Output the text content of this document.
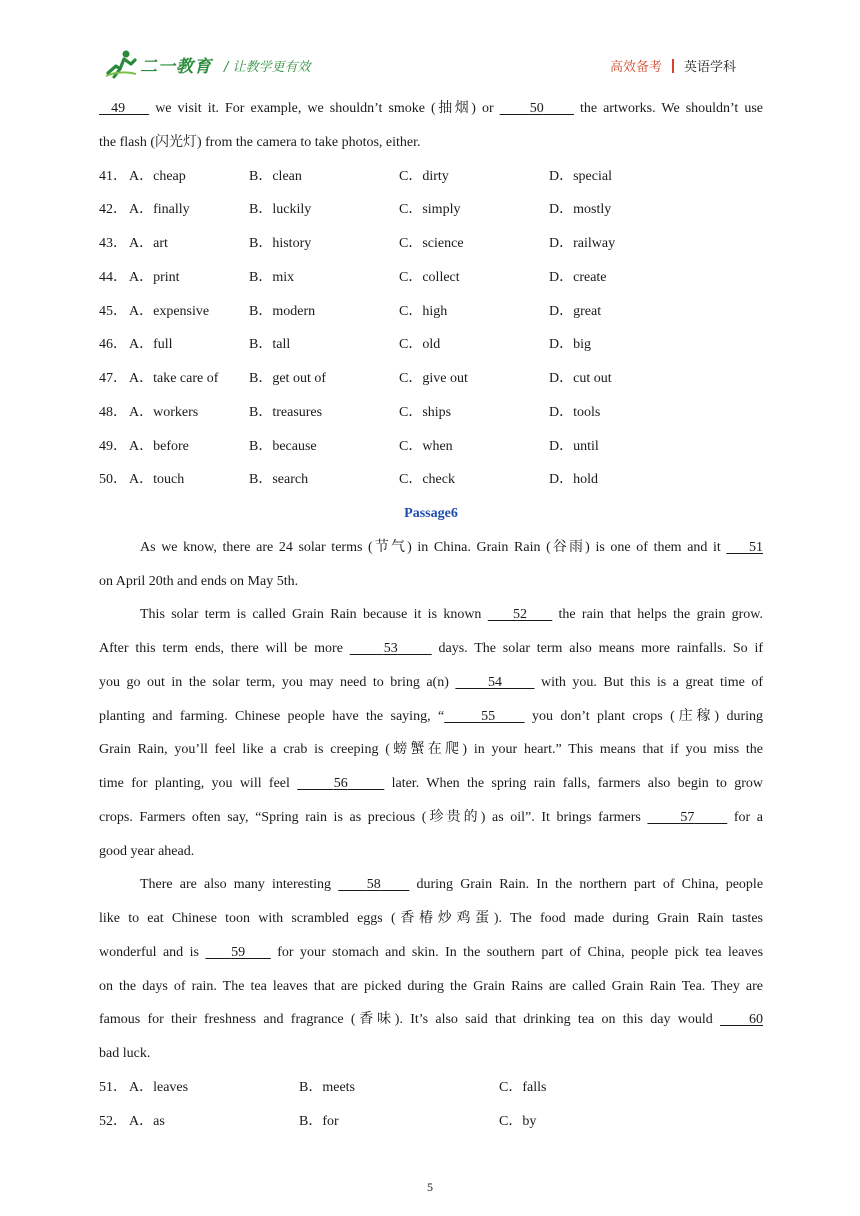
二一教育 / 让教学更有效	高效备考 英语学科
49     we visit it. For example, we shouldn’t smoke (抽烟) or      50      the artworks. We shouldn’t use
the flash (闪光灯) from the camera to take photos, either.
41． A．cheap	B．clean	C．dirty	D．special
42． A．finally	B．luckily	C．simply	D．mostly
43． A．art	B．history	C．science	D．railway
44． A．print	B．mix	C．collect	D．create
45． A．expensive	B．modern	C．high	D．great
46． A．full	B．tall	C．old	D．big
47． A．take care of B．get out of	C．give out	D．cut out
48． A．workers	B．treasures	C．ships	D．tools
49． A．before	B．because	C．when	D．until
50． A．touch	B．search	C．check	D．hold
Passage6
As we know, there are 24 solar terms (节气) in China. Grain Rain (谷雨) is one of them and it     51
on April 20th and ends on May 5th.
This solar term is called Grain Rain because it is known     52     the rain that helps the grain grow.
After this term ends, there will be more      53      days. The solar term also means more rainfalls. So if
you go out in the solar term, you may need to bring a(n)      54      with you. But this is a great time of
planting and farming. Chinese people have the saying, “	55     you don’t plant crops (庄稼) during
Grain Rain, you’ll feel like a crab is creeping (螃蟹在爬) in your heart.” This means that if you miss the
time for planting, you will feel	56	later. When the spring rain falls, farmers also begin to grow
crops. Farmers often say, “Spring rain is as precious (珍贵的) as oil”. It brings farmers      57      for a
good year ahead.
There are also many interesting     58     during Grain Rain. In the northern part of China, people
like to eat Chinese toon with scrambled eggs (香椿炒鸡蛋). The food made during Grain Rain tastes
wonderful and is     59     for your stomach and skin. In the southern part of China, people pick tea leaves
on the days of rain. The tea leaves that are picked during the Grain Rains are called Grain Rain Tea. They are
famous for their freshness and fragrance (香味). It’s also said that drinking tea on this day would     60
bad luck.
51． A．leaves	B．meets	C．falls
52． A．as	B．for	C．by
5
